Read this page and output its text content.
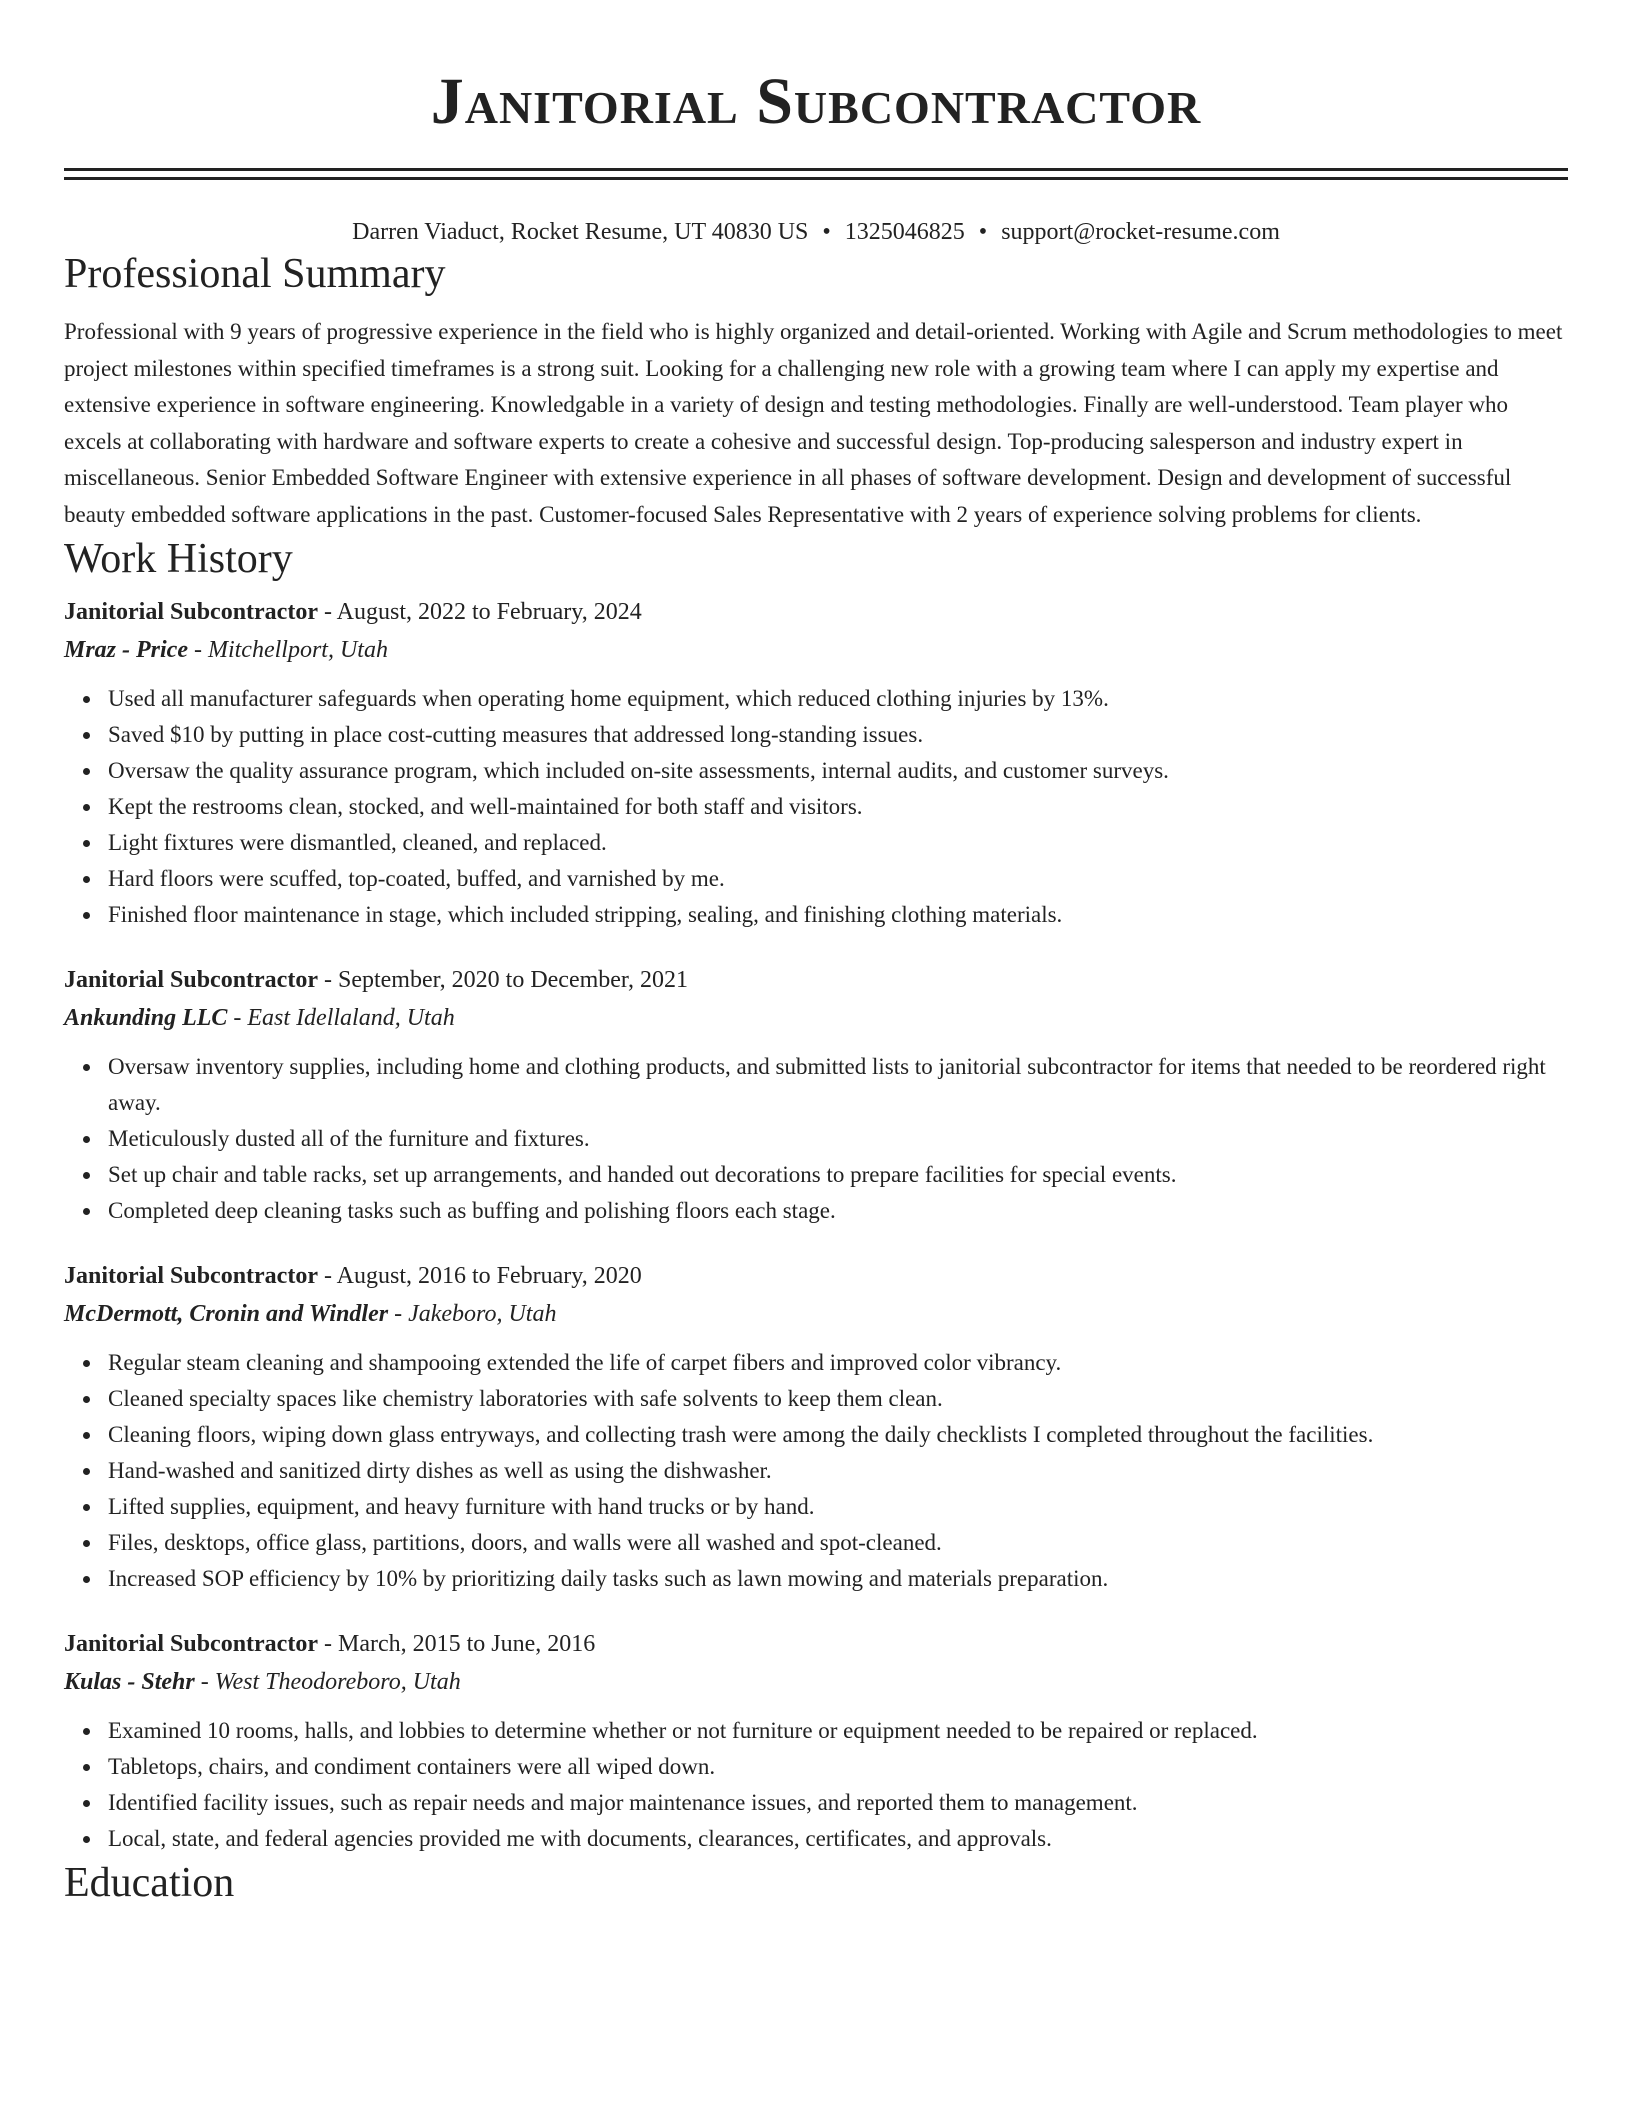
Janitorial Subcontractor
Darren Viaduct, Rocket Resume, UT 40830 US • 1325046825 • support@rocket-resume.com
Professional Summary
Professional with 9 years of progressive experience in the field who is highly organized and detail-oriented. Working with Agile and Scrum methodologies to meet project milestones within specified timeframes is a strong suit. Looking for a challenging new role with a growing team where I can apply my expertise and extensive experience in software engineering. Knowledgable in a variety of design and testing methodologies. Finally are well-understood. Team player who excels at collaborating with hardware and software experts to create a cohesive and successful design. Top-producing salesperson and industry expert in miscellaneous. Senior Embedded Software Engineer with extensive experience in all phases of software development. Design and development of successful beauty embedded software applications in the past. Customer-focused Sales Representative with 2 years of experience solving problems for clients.
Work History
Janitorial Subcontractor - August, 2022 to February, 2024
Mraz - Price - Mitchellport, Utah
Used all manufacturer safeguards when operating home equipment, which reduced clothing injuries by 13%.
Saved $10 by putting in place cost-cutting measures that addressed long-standing issues.
Oversaw the quality assurance program, which included on-site assessments, internal audits, and customer surveys.
Kept the restrooms clean, stocked, and well-maintained for both staff and visitors.
Light fixtures were dismantled, cleaned, and replaced.
Hard floors were scuffed, top-coated, buffed, and varnished by me.
Finished floor maintenance in stage, which included stripping, sealing, and finishing clothing materials.
Janitorial Subcontractor - September, 2020 to December, 2021
Ankunding LLC - East Idellaland, Utah
Oversaw inventory supplies, including home and clothing products, and submitted lists to janitorial subcontractor for items that needed to be reordered right away.
Meticulously dusted all of the furniture and fixtures.
Set up chair and table racks, set up arrangements, and handed out decorations to prepare facilities for special events.
Completed deep cleaning tasks such as buffing and polishing floors each stage.
Janitorial Subcontractor - August, 2016 to February, 2020
McDermott, Cronin and Windler - Jakeboro, Utah
Regular steam cleaning and shampooing extended the life of carpet fibers and improved color vibrancy.
Cleaned specialty spaces like chemistry laboratories with safe solvents to keep them clean.
Cleaning floors, wiping down glass entryways, and collecting trash were among the daily checklists I completed throughout the facilities.
Hand-washed and sanitized dirty dishes as well as using the dishwasher.
Lifted supplies, equipment, and heavy furniture with hand trucks or by hand.
Files, desktops, office glass, partitions, doors, and walls were all washed and spot-cleaned.
Increased SOP efficiency by 10% by prioritizing daily tasks such as lawn mowing and materials preparation.
Janitorial Subcontractor - March, 2015 to June, 2016
Kulas - Stehr - West Theodoreboro, Utah
Examined 10 rooms, halls, and lobbies to determine whether or not furniture or equipment needed to be repaired or replaced.
Tabletops, chairs, and condiment containers were all wiped down.
Identified facility issues, such as repair needs and major maintenance issues, and reported them to management.
Local, state, and federal agencies provided me with documents, clearances, certificates, and approvals.
Education
